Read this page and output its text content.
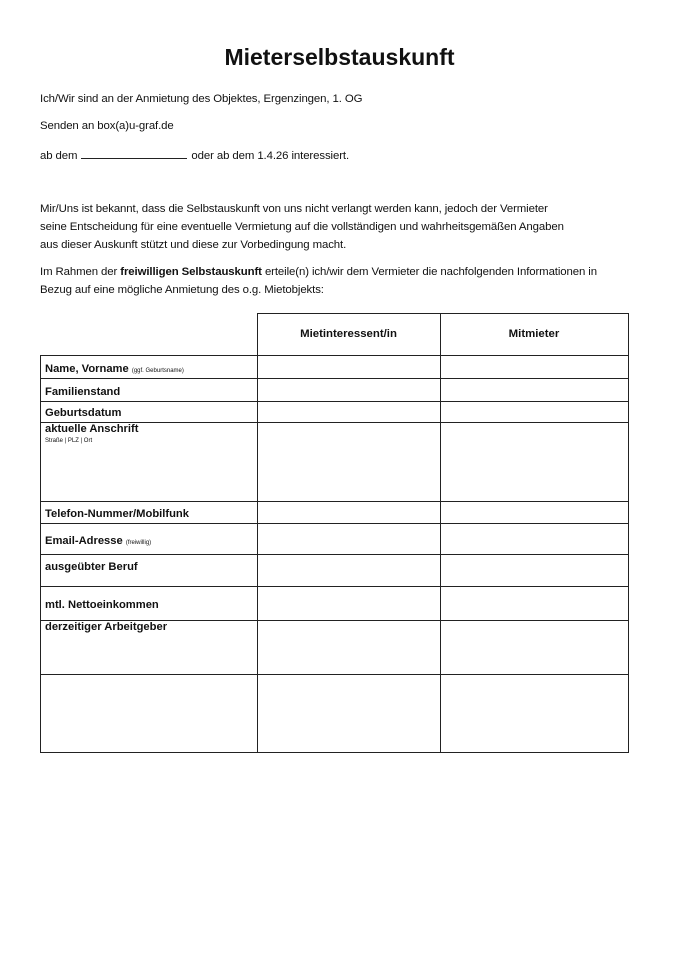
Mieterselbstauskunft
Ich/Wir sind an der Anmietung des Objektes, Ergenzingen, 1. OG
Senden an box(a)u-graf.de
ab dem	oder ab dem 1.4.26 interessiert.
Mir/Uns ist bekannt, dass die Selbstauskunft von uns nicht verlangt werden kann, jedoch der Vermieter
seine Entscheidung für eine eventuelle Vermietung auf die vollständigen und wahrheitsgemäßen Angaben
aus dieser Auskunft stützt und diese zur Vorbedingung macht.
Im Rahmen der freiwilligen Selbstauskunft erteile(n) ich/wir dem Vermieter die nachfolgenden Informationen in
Bezug auf eine mögliche Anmietung des o.g. Mietobjekts:
Mietinteressent/in	Mitmieter
Name, Vorname (ggf. Geburtsname)
Familienstand
Geburtsdatum
aktuelle Anschrift
Straße | PLZ | Ort
Telefon-Nummer/Mobilfunk
Email-Adresse (freiwillig)
ausgeübter Beruf
mtl. Nettoeinkommen
derzeitiger Arbeitgeber
